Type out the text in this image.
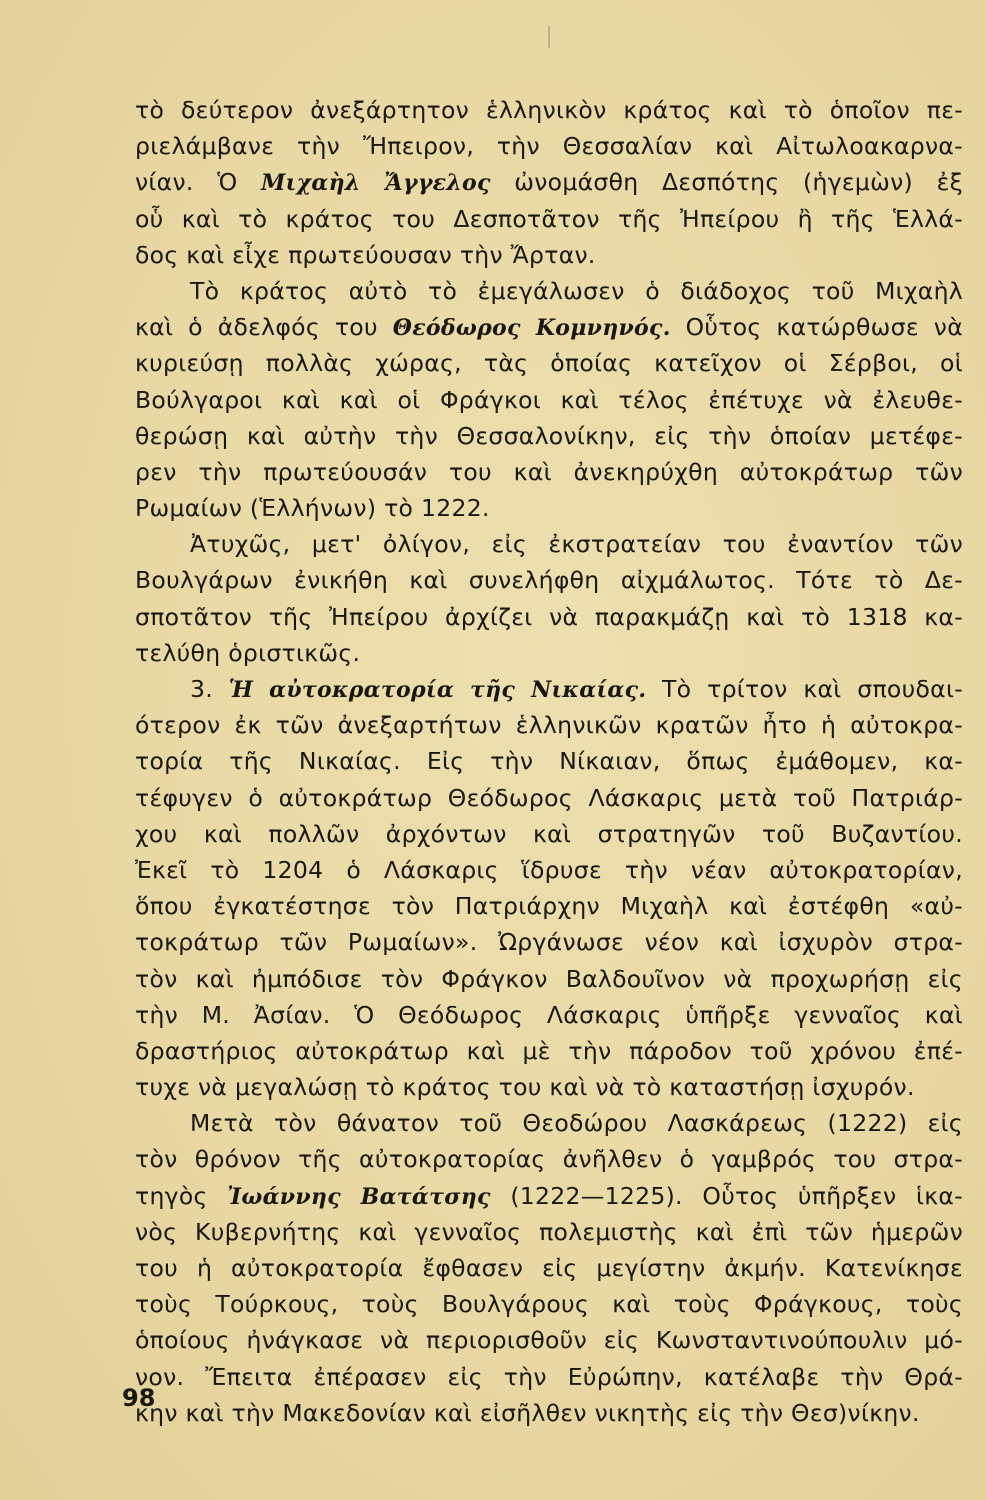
τὸ δεύτερον ἀνεξάρτητον ἑλληνικὸν κράτος καὶ τὸ ὁποῖον πε-
ριελάμβανε τὴν Ἤπειρον, τὴν Θεσσαλίαν καὶ Αἰτωλοακαρνα-
νίαν. Ὁ Μιχαὴλ Ἄγγελος ὠνομάσθη Δεσπότης (ἡγεμὼν) ἐξ
οὗ καὶ τὸ κράτος του Δεσποτᾶτον τῆς Ἠπείρου ἢ τῆς Ἑλλά-
δος καὶ εἶχε πρωτεύουσαν τὴν Ἄρταν.
Τὸ κράτος αὐτὸ τὸ ἐμεγάλωσεν ὁ διάδοχος τοῦ Μιχαὴλ
καὶ ὁ ἀδελφός του Θεόδωρος Κομνηνός. Οὗτος κατώρθωσε νὰ
κυριεύσῃ πολλὰς χώρας, τὰς ὁποίας κατεῖχον οἱ Σέρβοι, οἱ
Βούλγαροι καὶ καὶ οἱ Φράγκοι καὶ τέλος ἐπέτυχε νὰ ἐλευθε-
θερώσῃ καὶ αὐτὴν τὴν Θεσσαλονίκην, εἰς τὴν ὁποίαν μετέφε-
ρεν τὴν πρωτεύουσάν του καὶ ἀνεκηρύχθη αὐτοκράτωρ τῶν
Ρωμαίων (Ἑλλήνων) τὸ 1222.
Ἀτυχῶς, μετ' ὀλίγον, εἰς ἐκστρατείαν του ἐναντίον τῶν
Βουλγάρων ἐνικήθη καὶ συνελήφθη αἰχμάλωτος. Τότε τὸ Δε-
σποτᾶτον τῆς Ἠπείρου ἀρχίζει νὰ παρακμάζῃ καὶ τὸ 1318 κα-
τελύθη ὁριστικῶς.
3. Ἡ αὐτοκρατορία τῆς Νικαίας. Τὸ τρίτον καὶ σπουδαι-
ότερον ἐκ τῶν ἀνεξαρτήτων ἑλληνικῶν κρατῶν ἦτο ἡ αὐτοκρα-
τορία τῆς Νικαίας. Εἰς τὴν Νίκαιαν, ὅπως ἐμάθομεν, κα-
τέφυγεν ὁ αὐτοκράτωρ Θεόδωρος Λάσκαρις μετὰ τοῦ Πατριάρ-
χου καὶ πολλῶν ἀρχόντων καὶ στρατηγῶν τοῦ Βυζαντίου.
Ἐκεῖ τὸ 1204 ὁ Λάσκαρις ἵδρυσε τὴν νέαν αὐτοκρατορίαν,
ὅπου ἐγκατέστησε τὸν Πατριάρχην Μιχαὴλ καὶ ἐστέφθη «αὐ-
τοκράτωρ τῶν Ρωμαίων». Ὠργάνωσε νέον καὶ ἰσχυρὸν στρα-
τὸν καὶ ἠμπόδισε τὸν Φράγκον Βαλδουῖνον νὰ προχωρήσῃ εἰς
τὴν Μ. Ἀσίαν. Ὁ Θεόδωρος Λάσκαρις ὑπῆρξε γενναῖος καὶ
δραστήριος αὐτοκράτωρ καὶ μὲ τὴν πάροδον τοῦ χρόνου ἐπέ-
τυχε νὰ μεγαλώσῃ τὸ κράτος του καὶ νὰ τὸ καταστήσῃ ἰσχυρόν.
Μετὰ τὸν θάνατον τοῦ Θεοδώρου Λασκάρεως (1222) εἰς
τὸν θρόνον τῆς αὐτοκρατορίας ἀνῆλθεν ὁ γαμβρός του στρα-
τηγὸς Ἰωάννης Βατάτσης (1222—1225). Οὗτος ὑπῆρξεν ἱκα-
νὸς Κυβερνήτης καὶ γενναῖος πολεμιστὴς καὶ ἐπὶ τῶν ἡμερῶν
του ἡ αὐτοκρατορία ἔφθασεν εἰς μεγίστην ἀκμήν. Κατενίκησε
τοὺς Τούρκους, τοὺς Βουλγάρους καὶ τοὺς Φράγκους, τοὺς
ὁποίους ἠνάγκασε νὰ περιορισθοῦν εἰς Κωνσταντινούπουλιν μό-
νον. Ἔπειτα ἐπέρασεν εἰς τὴν Εὐρώπην, κατέλαβε τὴν Θρά-
κην καὶ τὴν Μακεδονίαν καὶ εἰσῆλθεν νικητὴς εἰς τὴν Θεσ)νίκην.
98
